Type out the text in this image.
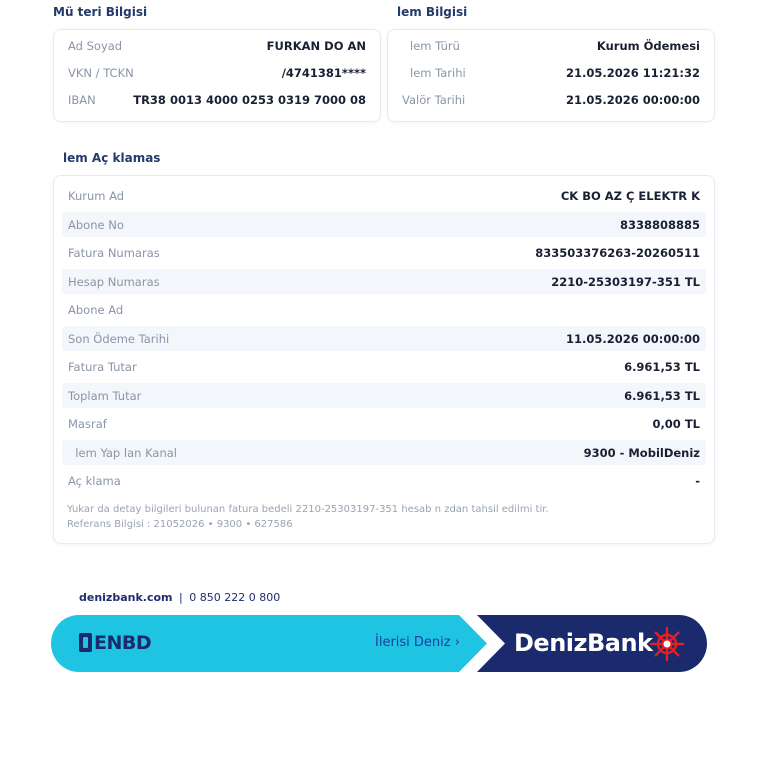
Mü teri Bilgisi
Ad Soyad	FURKAN DO AN
VKN / TCKN	/4741381****
IBAN	TR38 0013 4000 0253 0319 7000 08
lem Bilgisi
lem Türü	Kurum Ödemesi
lem Tarihi	21.05.2026 11:21:32
Valör Tarihi	21.05.2026 00:00:00
lem Aç klamas
Kurum Ad	CK BO AZ Ç ELEKTR K
Abone No	8338808885
Fatura Numaras	833503376263-20260511
Hesap Numaras	2210-25303197-351 TL
Abone Ad
Son Ödeme Tarihi	11.05.2026 00:00:00
Fatura Tutar	6.961,53 TL
Toplam Tutar	6.961,53 TL
Masraf	0,00 TL
lem Yap lan Kanal	9300 - MobilDeniz
Aç klama	-
Yukar da detay bilgileri bulunan fatura bedeli 2210-25303197-351 hesab n zdan tahsil edilmi tir.
Referans Bilgisi : 21052026 • 9300 • 627586
denizbank.com | 0 850 222 0 800
ENBD	İlerisi Deniz › DenizBank
